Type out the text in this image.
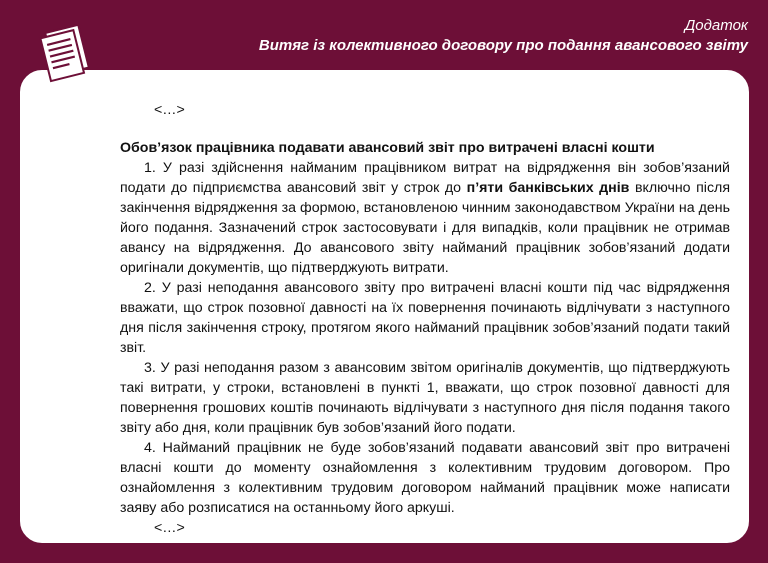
Додаток
Витяг із колективного договору про подання авансового звіту

<…>

Обов’язок працівника подавати авансовий звіт про витрачені власні кошти

1. У разі здійснення найманим працівником витрат на відрядження він зобов’язаний подати до підприємства авансовий звіт у строк до п’яти банківських днів включно після закінчення відрядження за формою, встановленою чинним законодавством України на день його подання. Зазначений строк застосовувати і для випадків, коли працівник не отримав авансу на відрядження. До авансового звіту найманий працівник зобов’язаний додати оригінали документів, що підтверджують витрати.

2. У разі неподання авансового звіту про витрачені власні кошти під час відрядження вважати, що строк позовної давності на їх повернення починають відлічувати з наступного дня після закінчення строку, протягом якого найманий працівник зобов’язаний подати такий звіт.

3. У разі неподання разом з авансовим звітом оригіналів документів, що підтверджують такі витрати, у строки, встановлені в пункті 1, вважати, що строк позовної давності для повернення грошових коштів починають відлічувати з наступного дня після подання такого звіту або дня, коли працівник був зобов’язаний його подати.

4. Найманий працівник не буде зобов’язаний подавати авансовий звіт про витрачені власні кошти до моменту ознайомлення з колективним трудовим договором. Про ознайомлення з колективним трудовим договором найманий працівник може написати заяву або розписатися на останньому його аркуші.

<…>
